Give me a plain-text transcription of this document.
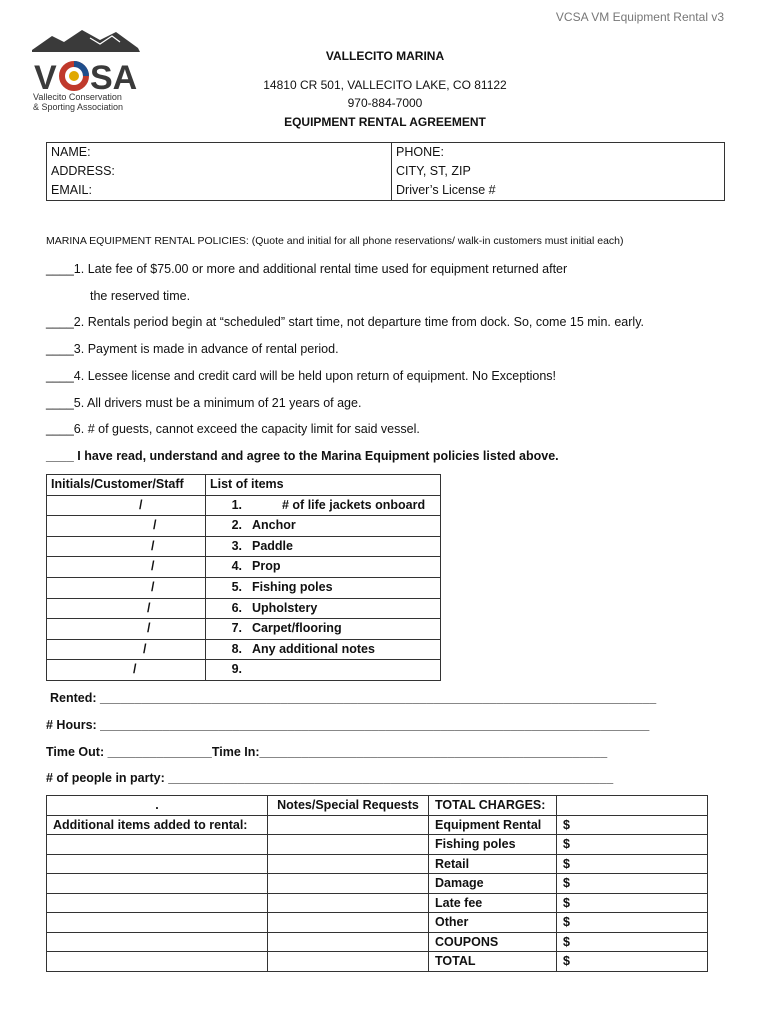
VCSA VM Equipment Rental v3
V SA
Vallecito Conservation
& Sporting Association
VALLECITO MARINA
14810 CR 501, VALLECITO LAKE, CO 81122
970-884-7000
EQUIPMENT RENTAL AGREEMENT
NAME:	PHONE:
ADDRESS:	CITY, ST, ZIP
EMAIL:	Driver’s License #
MARINA EQUIPMENT RENTAL POLICIES: (Quote and initial for all phone reservations/ walk-in customers must initial each)
____1. Late fee of $75.00 or more and additional rental time used for equipment returned after
the reserved time.
____2. Rentals period begin at “scheduled” start time, not departure time from dock. So, come 15 min. early.
____3. Payment is made in advance of rental period.
____4. Lessee license and credit card will be held upon return of equipment. No Exceptions!
____5. All drivers must be a minimum of 21 years of age.
____6. # of guests, cannot exceed the capacity limit for said vessel.
____ I have read, understand and agree to the Marina Equipment policies listed above.
Initials/Customer/Staff	List of items
/	1. # of life jackets onboard
/	2. Anchor
/	3. Paddle
/	4. Prop
/	5. Fishing poles
/	6. Upholstery
/	7. Carpet/flooring
/	8. Any additional notes
/	9.
Rented: ________________________________________________________________________________
# Hours: _______________________________________________________________________________
Time Out: _______________Time In:__________________________________________________
# of people in party: ________________________________________________________________
.	Notes/Special Requests	TOTAL CHARGES:	
Additional items added to rental:		Equipment Rental	$
		Fishing poles	$
		Retail	$
		Damage	$
		Late fee	$
		Other	$
		COUPONS	$
		TOTAL	$
